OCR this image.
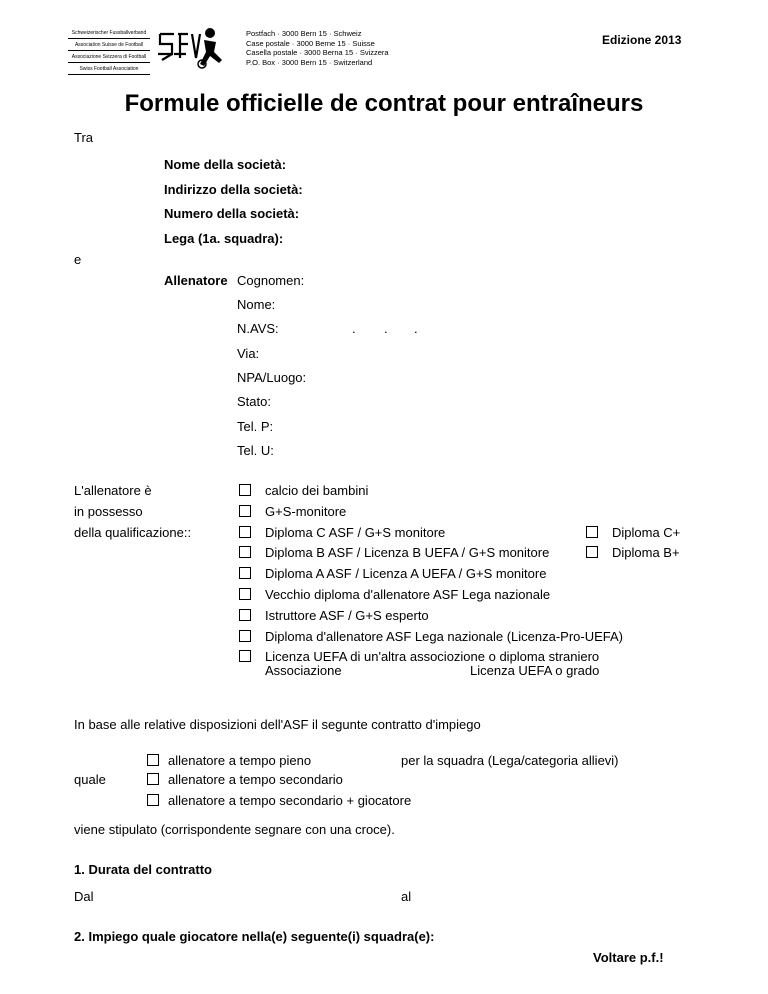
Schweizerischer Fussballverband
Association Suisse de Football
Associazione Svizzera di Football
Swiss Football Association
Postfach · 3000 Bern 15 · Schweiz
Case postale · 3000 Berne 15 · Suisse
Casella postale · 3000 Berna 15 · Svizzera
P.O. Box · 3000 Bern 15 · Switzerland
Edizione 2013
Formule officielle de contrat pour entraîneurs
Tra
Nome della società:
Indirizzo della società:
Numero della società:
Lega (1a. squadra):
e
Allenatore Cognomen:
Nome:
N.AVS:	. . .
Via:
NPA/Luogo:
Stato:
Tel. P:
Tel. U:
L'allenatore è
in possesso
della qualificazione::
calcio dei bambini
G+S-monitore
Diploma C ASF / G+S monitore	Diploma C+
Diploma B ASF / Licenza B UEFA / G+S monitore	Diploma B+
Diploma A ASF / Licenza A UEFA / G+S monitore
Vecchio diploma d'allenatore ASF Lega nazionale
Istruttore ASF / G+S esperto
Diploma d'allenatore ASF Lega nazionale (Licenza-Pro-UEFA)
Licenza UEFA di un'altra associozione o diploma straniero
Associazione	Licenza UEFA o grado
In base alle relative disposizioni dell'ASF il segunte contratto d'impiego
allenatore a tempo pieno	per la squadra (Lega/categoria allievi)
quale	allenatore a tempo secondario
allenatore a tempo secondario + giocatore
viene stipulato (corrispondente segnare con una croce).
1. Durata del contratto
Dal	al
2. Impiego quale giocatore nella(e) seguente(i) squadra(e):
Voltare p.f.!
